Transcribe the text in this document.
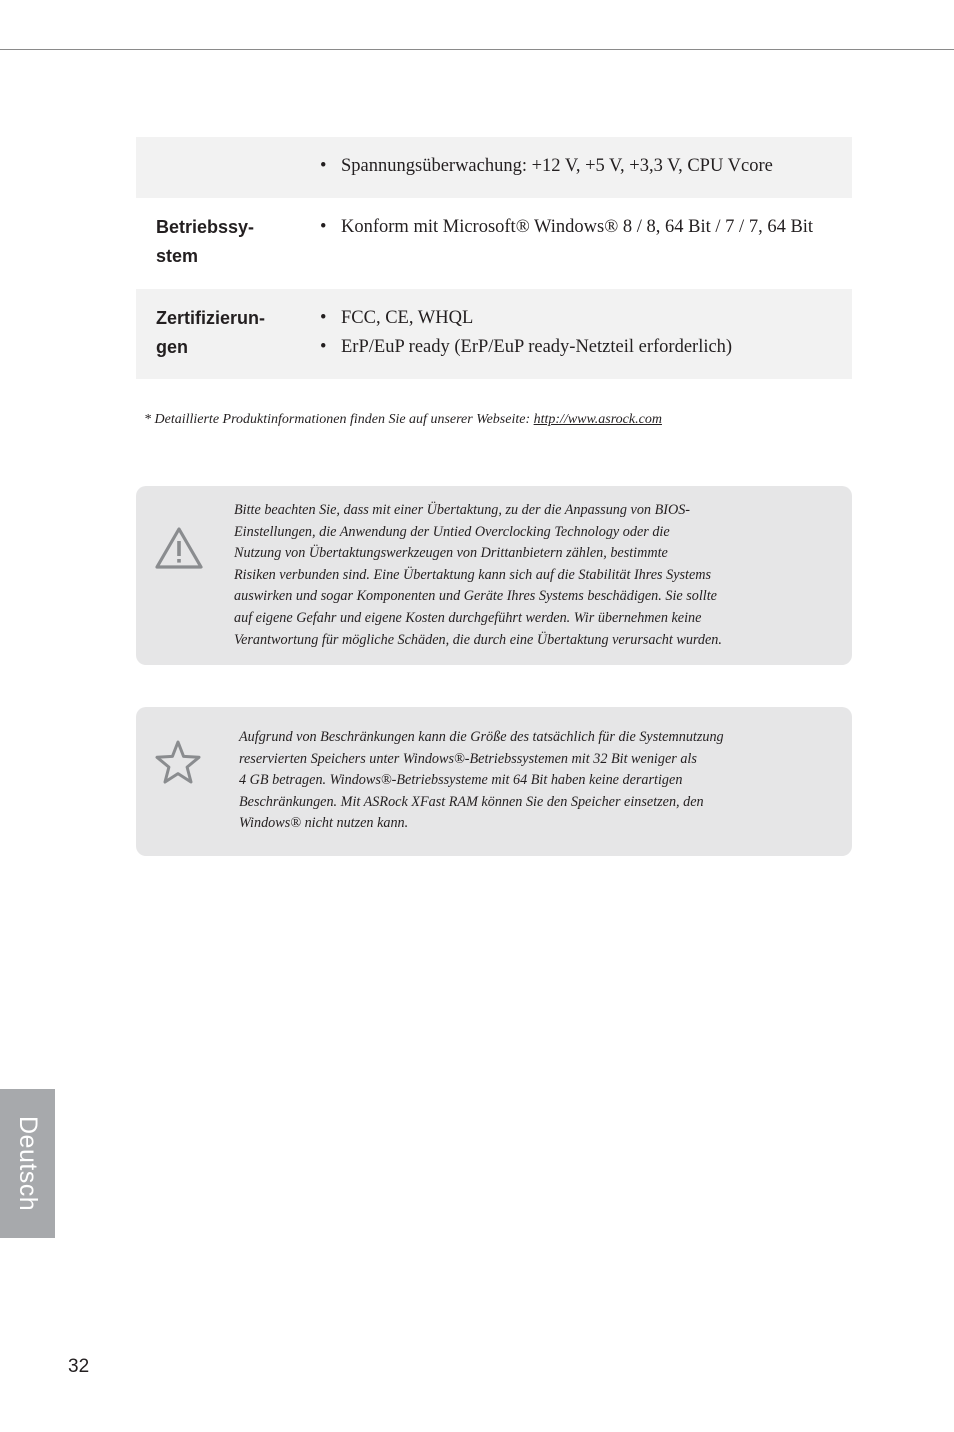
• Spannungsüberwachung: +12 V, +5 V, +3,3 V, CPU Vcore
Betriebssy-
stem
• Konform mit Microsoft® Windows® 8 / 8, 64 Bit / 7 / 7, 64 Bit
Zertifizierun-
gen
• FCC, CE, WHQL
• ErP/EuP ready (ErP/EuP ready-Netzteil erforderlich)
* Detaillierte Produktinformationen finden Sie auf unserer Webseite: http://www.asrock.com
Bitte beachten Sie, dass mit einer Übertaktung, zu der die Anpassung von BIOS-
Einstellungen, die Anwendung der Untied Overclocking Technology oder die
Nutzung von Übertaktungswerkzeugen von Drittanbietern zählen, bestimmte
Risiken verbunden sind. Eine Übertaktung kann sich auf die Stabilität Ihres Systems
auswirken und sogar Komponenten und Geräte Ihres Systems beschädigen. Sie sollte
auf eigene Gefahr und eigene Kosten durchgeführt werden. Wir übernehmen keine
Verantwortung für mögliche Schäden, die durch eine Übertaktung verursacht wurden.
Aufgrund von Beschränkungen kann die Größe des tatsächlich für die Systemnutzung
reservierten Speichers unter Windows®-Betriebssystemen mit 32 Bit weniger als
4 GB betragen. Windows®-Betriebssysteme mit 64 Bit haben keine derartigen
Beschränkungen. Mit ASRock XFast RAM können Sie den Speicher einsetzen, den
Windows® nicht nutzen kann.
Deutsch
32
